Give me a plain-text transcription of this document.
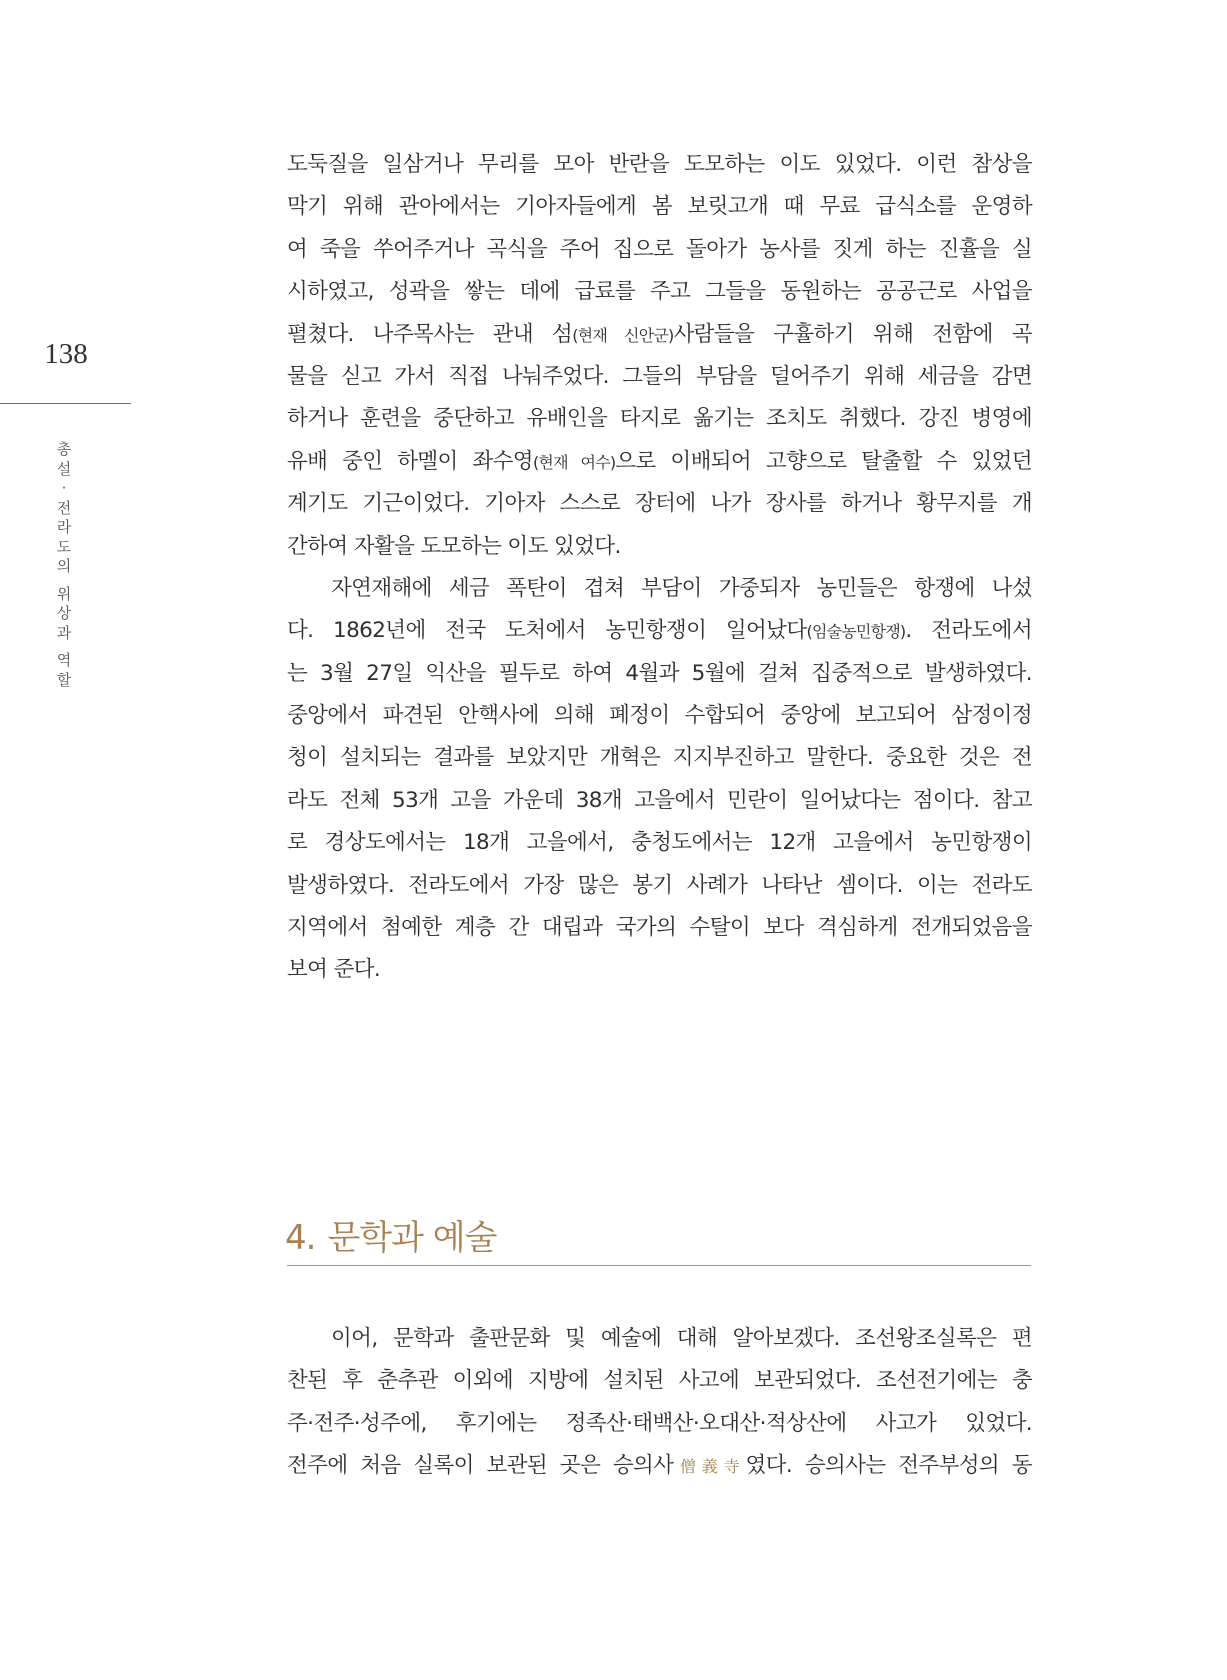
138
총
설
·
전
라
도
의
위
상
과
역
할
도둑질을 일삼거나 무리를 모아 반란을 도모하는 이도 있었다. 이런 참상을
막기 위해 관아에서는 기아자들에게 봄 보릿고개 때 무료 급식소를 운영하
여 죽을 쑤어주거나 곡식을 주어 집으로 돌아가 농사를 짓게 하는 진휼을 실
시하였고, 성곽을 쌓는 데에 급료를 주고 그들을 동원하는 공공근로 사업을
펼쳤다. 나주목사는 관내 섬(현재 신안군)사람들을 구휼하기 위해 전함에 곡
물을 싣고 가서 직접 나눠주었다. 그들의 부담을 덜어주기 위해 세금을 감면
하거나 훈련을 중단하고 유배인을 타지로 옮기는 조치도 취했다. 강진 병영에
유배 중인 하멜이 좌수영(현재 여수)으로 이배되어 고향으로 탈출할 수 있었던
계기도 기근이었다. 기아자 스스로 장터에 나가 장사를 하거나 황무지를 개
간하여 자활을 도모하는 이도 있었다.
자연재해에 세금 폭탄이 겹쳐 부담이 가중되자 농민들은 항쟁에 나섰
다. 1862년에 전국 도처에서 농민항쟁이 일어났다(임술농민항쟁). 전라도에서
는 3월 27일 익산을 필두로 하여 4월과 5월에 걸쳐 집중적으로 발생하였다.
중앙에서 파견된 안핵사에 의해 폐정이 수합되어 중앙에 보고되어 삼정이정
청이 설치되는 결과를 보았지만 개혁은 지지부진하고 말한다. 중요한 것은 전
라도 전체 53개 고을 가운데 38개 고을에서 민란이 일어났다는 점이다. 참고
로 경상도에서는 18개 고을에서, 충청도에서는 12개 고을에서 농민항쟁이
발생하였다. 전라도에서 가장 많은 봉기 사례가 나타난 셈이다. 이는 전라도
지역에서 첨예한 계층 간 대립과 국가의 수탈이 보다 격심하게 전개되었음을
보여 준다.
4. 문학과 예술
이어, 문학과 출판문화 및 예술에 대해 알아보겠다. 조선왕조실록은 편
찬된 후 춘추관 이외에 지방에 설치된 사고에 보관되었다. 조선전기에는 충
주·전주·성주에, 후기에는 정족산·태백산·오대산·적상산에 사고가 있었다.
전주에 처음 실록이 보관된 곳은 승의사僧義寺였다. 승의사는 전주부성의 동
